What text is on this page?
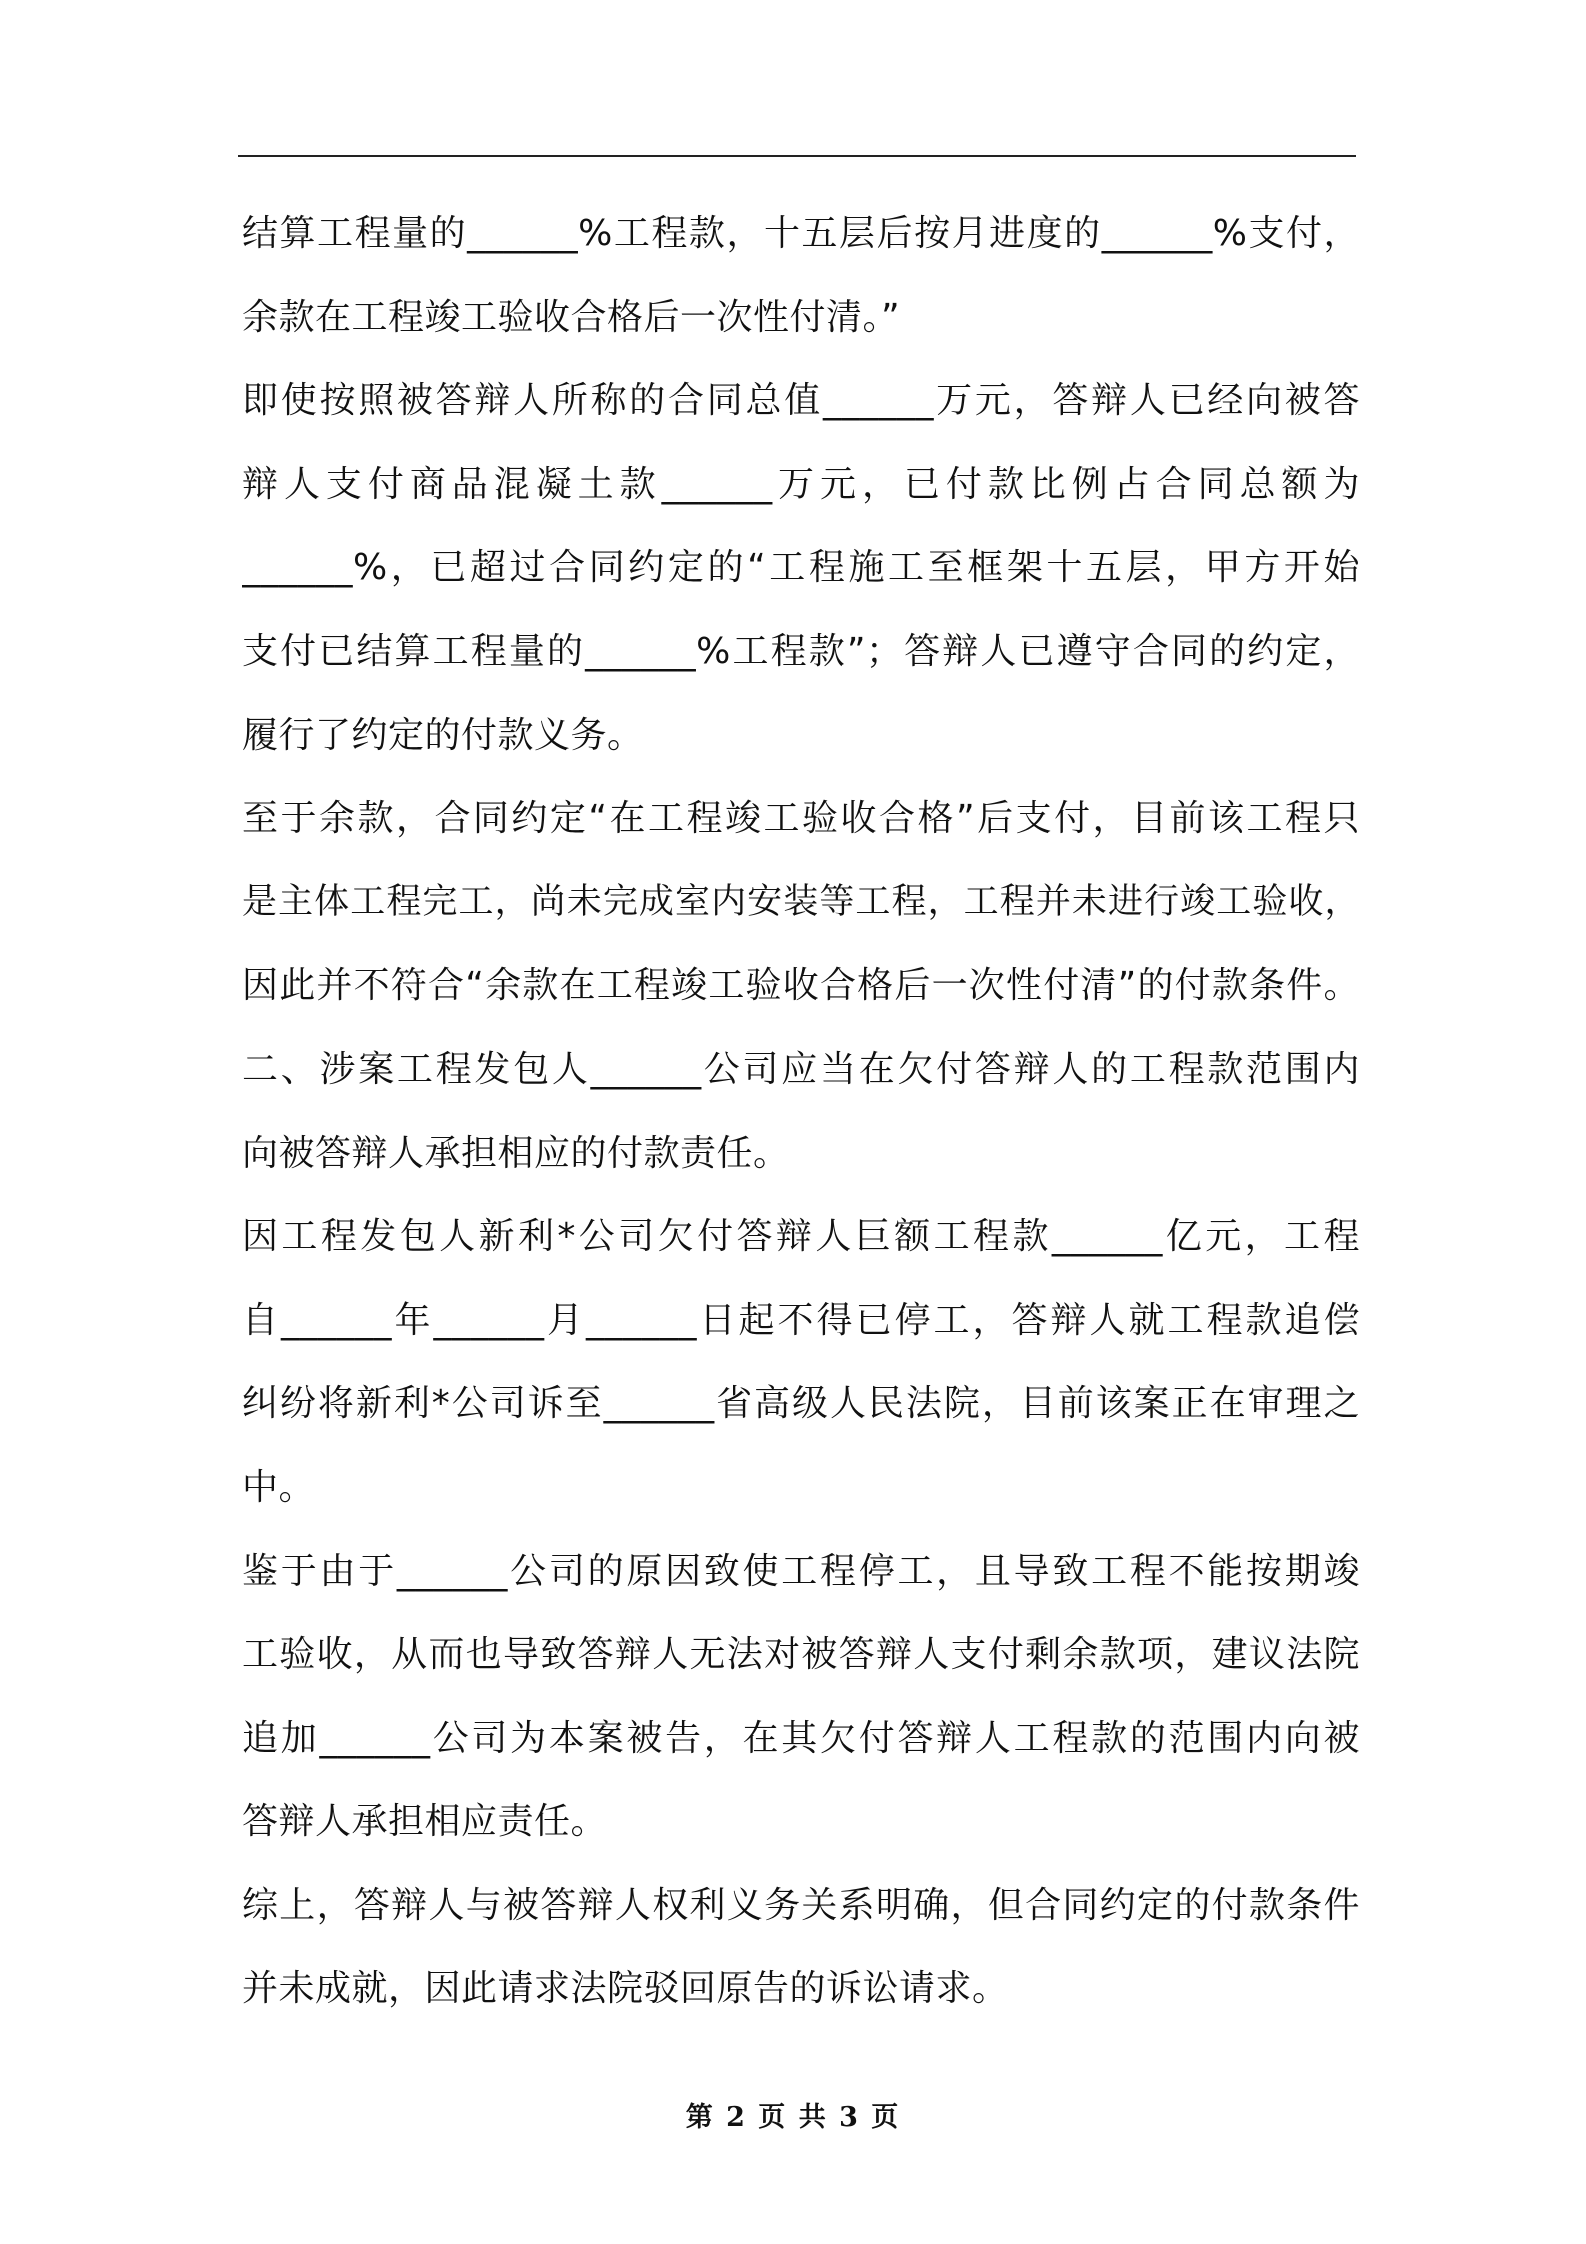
结算工程量的______%工程款，十五层后按月进度的______%支付，
余款在工程竣工验收合格后一次性付清。”
即使按照被答辩人所称的合同总值______万元，答辩人已经向被答
辩人支付商品混凝土款______万元，已付款比例占合同总额为
______%，已超过合同约定的“工程施工至框架十五层，甲方开始
支付已结算工程量的______%工程款”；答辩人已遵守合同的约定，
履行了约定的付款义务。
至于余款，合同约定“在工程竣工验收合格”后支付，目前该工程只
是主体工程完工，尚未完成室内安装等工程，工程并未进行竣工验收，
因此并不符合“余款在工程竣工验收合格后一次性付清”的付款条件。
二、涉案工程发包人______公司应当在欠付答辩人的工程款范围内
向被答辩人承担相应的付款责任。
因工程发包人新利*公司欠付答辩人巨额工程款______亿元，工程
自______年______月______日起不得已停工，答辩人就工程款追偿
纠纷将新利*公司诉至______省高级人民法院，目前该案正在审理之
中。
鉴于由于______公司的原因致使工程停工，且导致工程不能按期竣
工验收，从而也导致答辩人无法对被答辩人支付剩余款项，建议法院
追加______公司为本案被告，在其欠付答辩人工程款的范围内向被
答辩人承担相应责任。
综上，答辩人与被答辩人权利义务关系明确，但合同约定的付款条件
并未成就，因此请求法院驳回原告的诉讼请求。
第 2 页 共 3 页
